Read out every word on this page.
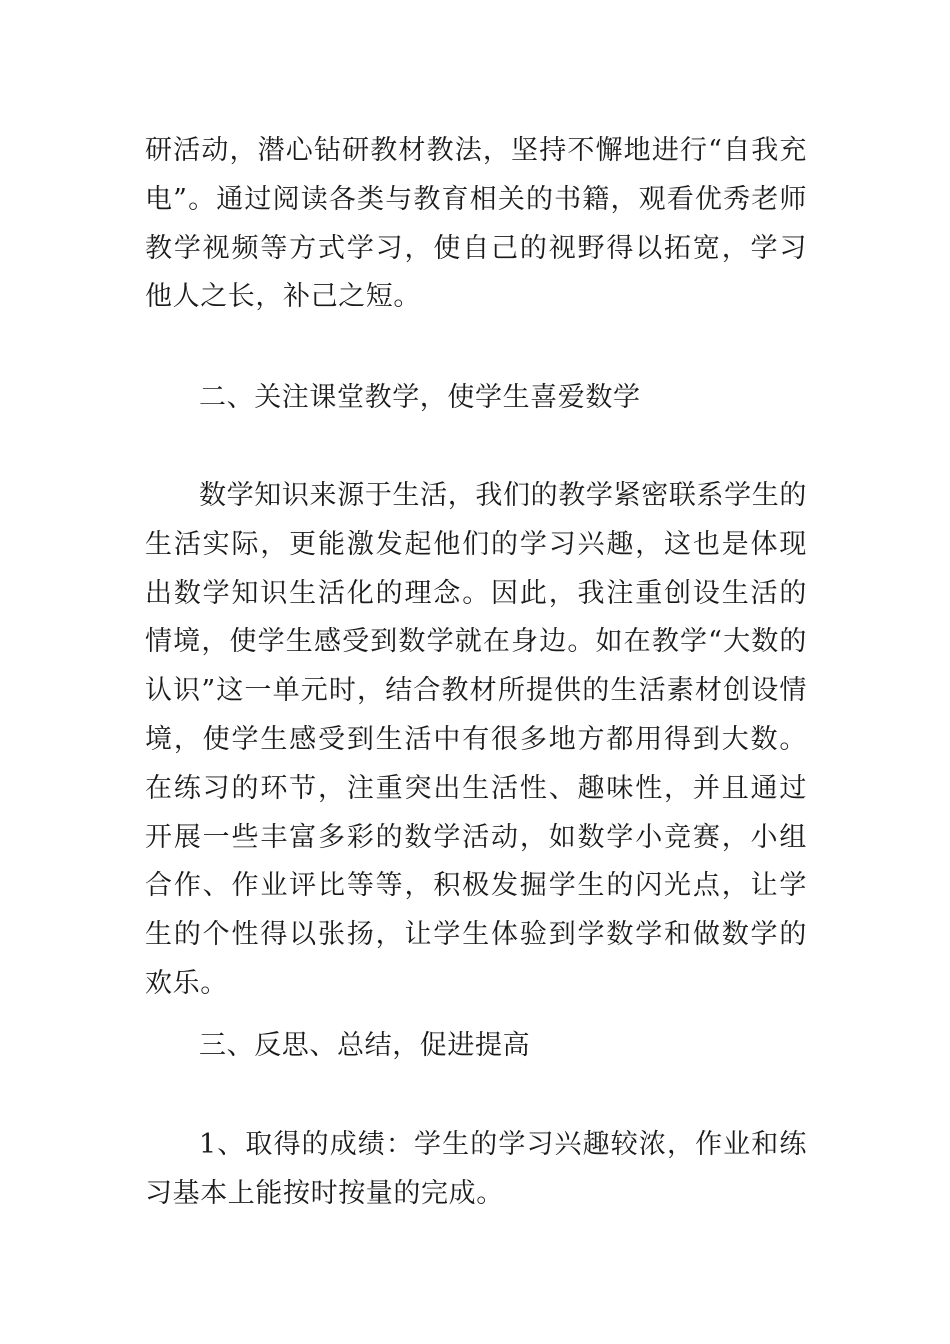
研活动，潜心钻研教材教法，坚持不懈地进行“自我充电”。通过阅读各类与教育相关的书籍，观看优秀老师教学视频等方式学习，使自己的视野得以拓宽，学习他人之长，补己之短。

二、关注课堂教学，使学生喜爱数学

数学知识来源于生活，我们的教学紧密联系学生的生活实际，更能激发起他们的学习兴趣，这也是体现出数学知识生活化的理念。因此，我注重创设生活的情境，使学生感受到数学就在身边。如在教学“大数的认识”这一单元时，结合教材所提供的生活素材创设情境，使学生感受到生活中有很多地方都用得到大数。在练习的环节，注重突出生活性、趣味性，并且通过开展一些丰富多彩的数学活动，如数学小竞赛，小组合作、作业评比等等，积极发掘学生的闪光点，让学生的个性得以张扬，让学生体验到学数学和做数学的欢乐。

三、反思、总结，促进提高

1、取得的成绩：学生的学习兴趣较浓，作业和练习基本上能按时按量的完成。
